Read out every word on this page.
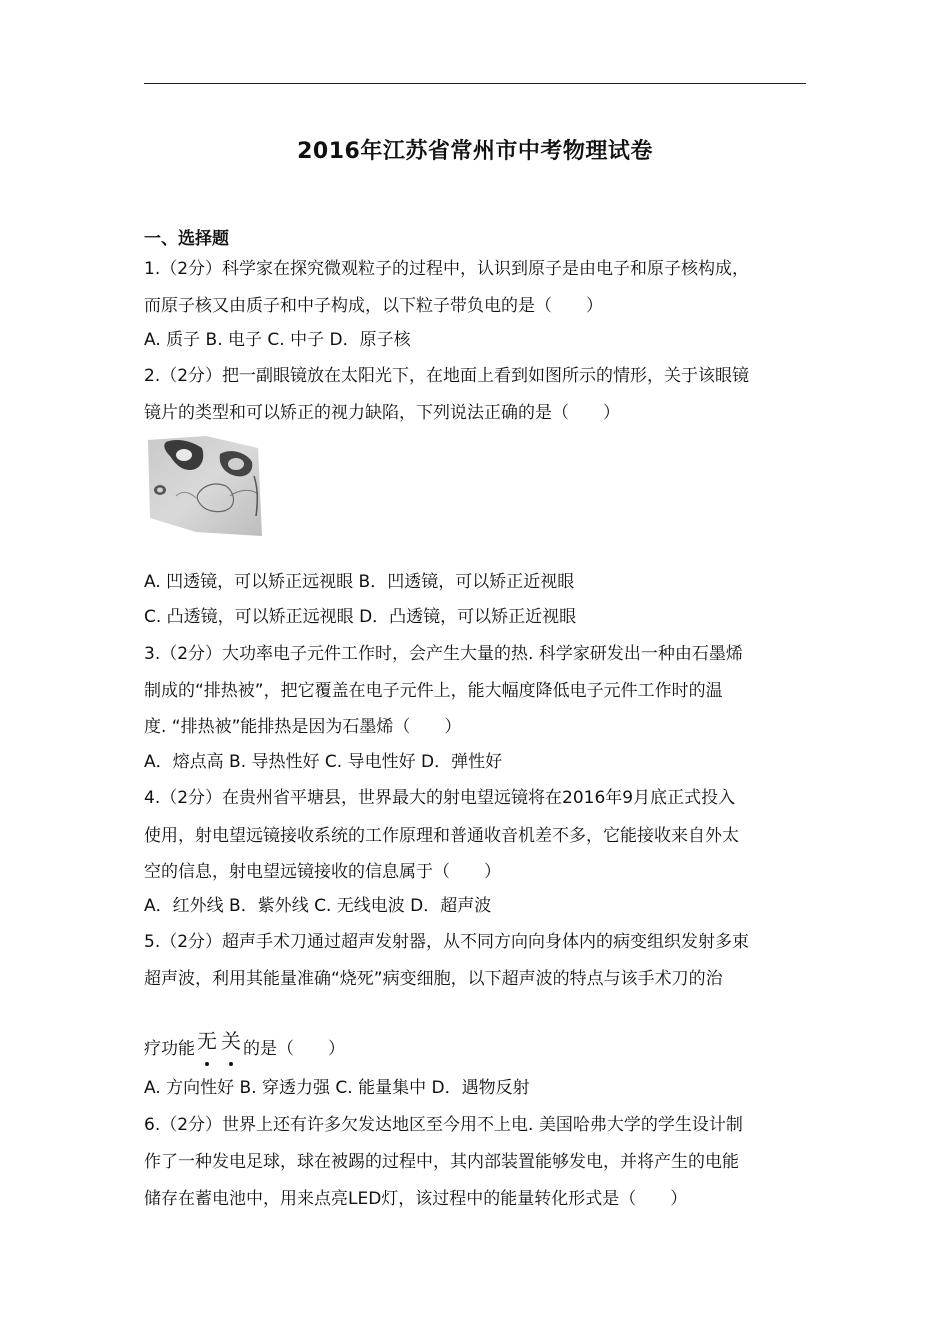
2016年江苏省常州市中考物理试卷
一、选择题
1.（2分）科学家在探究微观粒子的过程中，认识到原子是由电子和原子核构成，
而原子核又由质子和中子构成，以下粒子带负电的是（　　）
A. 质子 B. 电子 C. 中子 D．原子核
2.（2分）把一副眼镜放在太阳光下，在地面上看到如图所示的情形，关于该眼镜
镜片的类型和可以矫正的视力缺陷，下列说法正确的是（　　）
A. 凹透镜，可以矫正远视眼 B．凹透镜，可以矫正近视眼
C. 凸透镜，可以矫正远视眼 D．凸透镜，可以矫正近视眼
3.（2分）大功率电子元件工作时，会产生大量的热. 科学家研发出一种由石墨烯
制成的“排热被”，把它覆盖在电子元件上，能大幅度降低电子元件工作时的温
度. “排热被”能排热是因为石墨烯（　　）
A．熔点高 B. 导热性好 C. 导电性好 D．弹性好
4.（2分）在贵州省平塘县，世界最大的射电望远镜将在2016年9月底正式投入
使用，射电望远镜接收系统的工作原理和普通收音机差不多，它能接收来自外太
空的信息，射电望远镜接收的信息属于（　　）
A．红外线 B．紫外线 C. 无线电波 D．超声波
5.（2分）超声手术刀通过超声发射器，从不同方向向身体内的病变组织发射多束
超声波，利用其能量准确“烧死”病变细胞，以下超声波的特点与该手术刀的治
疗功能 无 关 的是（　　）
A. 方向性好 B. 穿透力强 C. 能量集中 D．遇物反射
6.（2分）世界上还有许多欠发达地区至今用不上电. 美国哈弗大学的学生设计制
作了一种发电足球，球在被踢的过程中，其内部装置能够发电，并将产生的电能
储存在蓄电池中，用来点亮LED灯，该过程中的能量转化形式是（　　）
